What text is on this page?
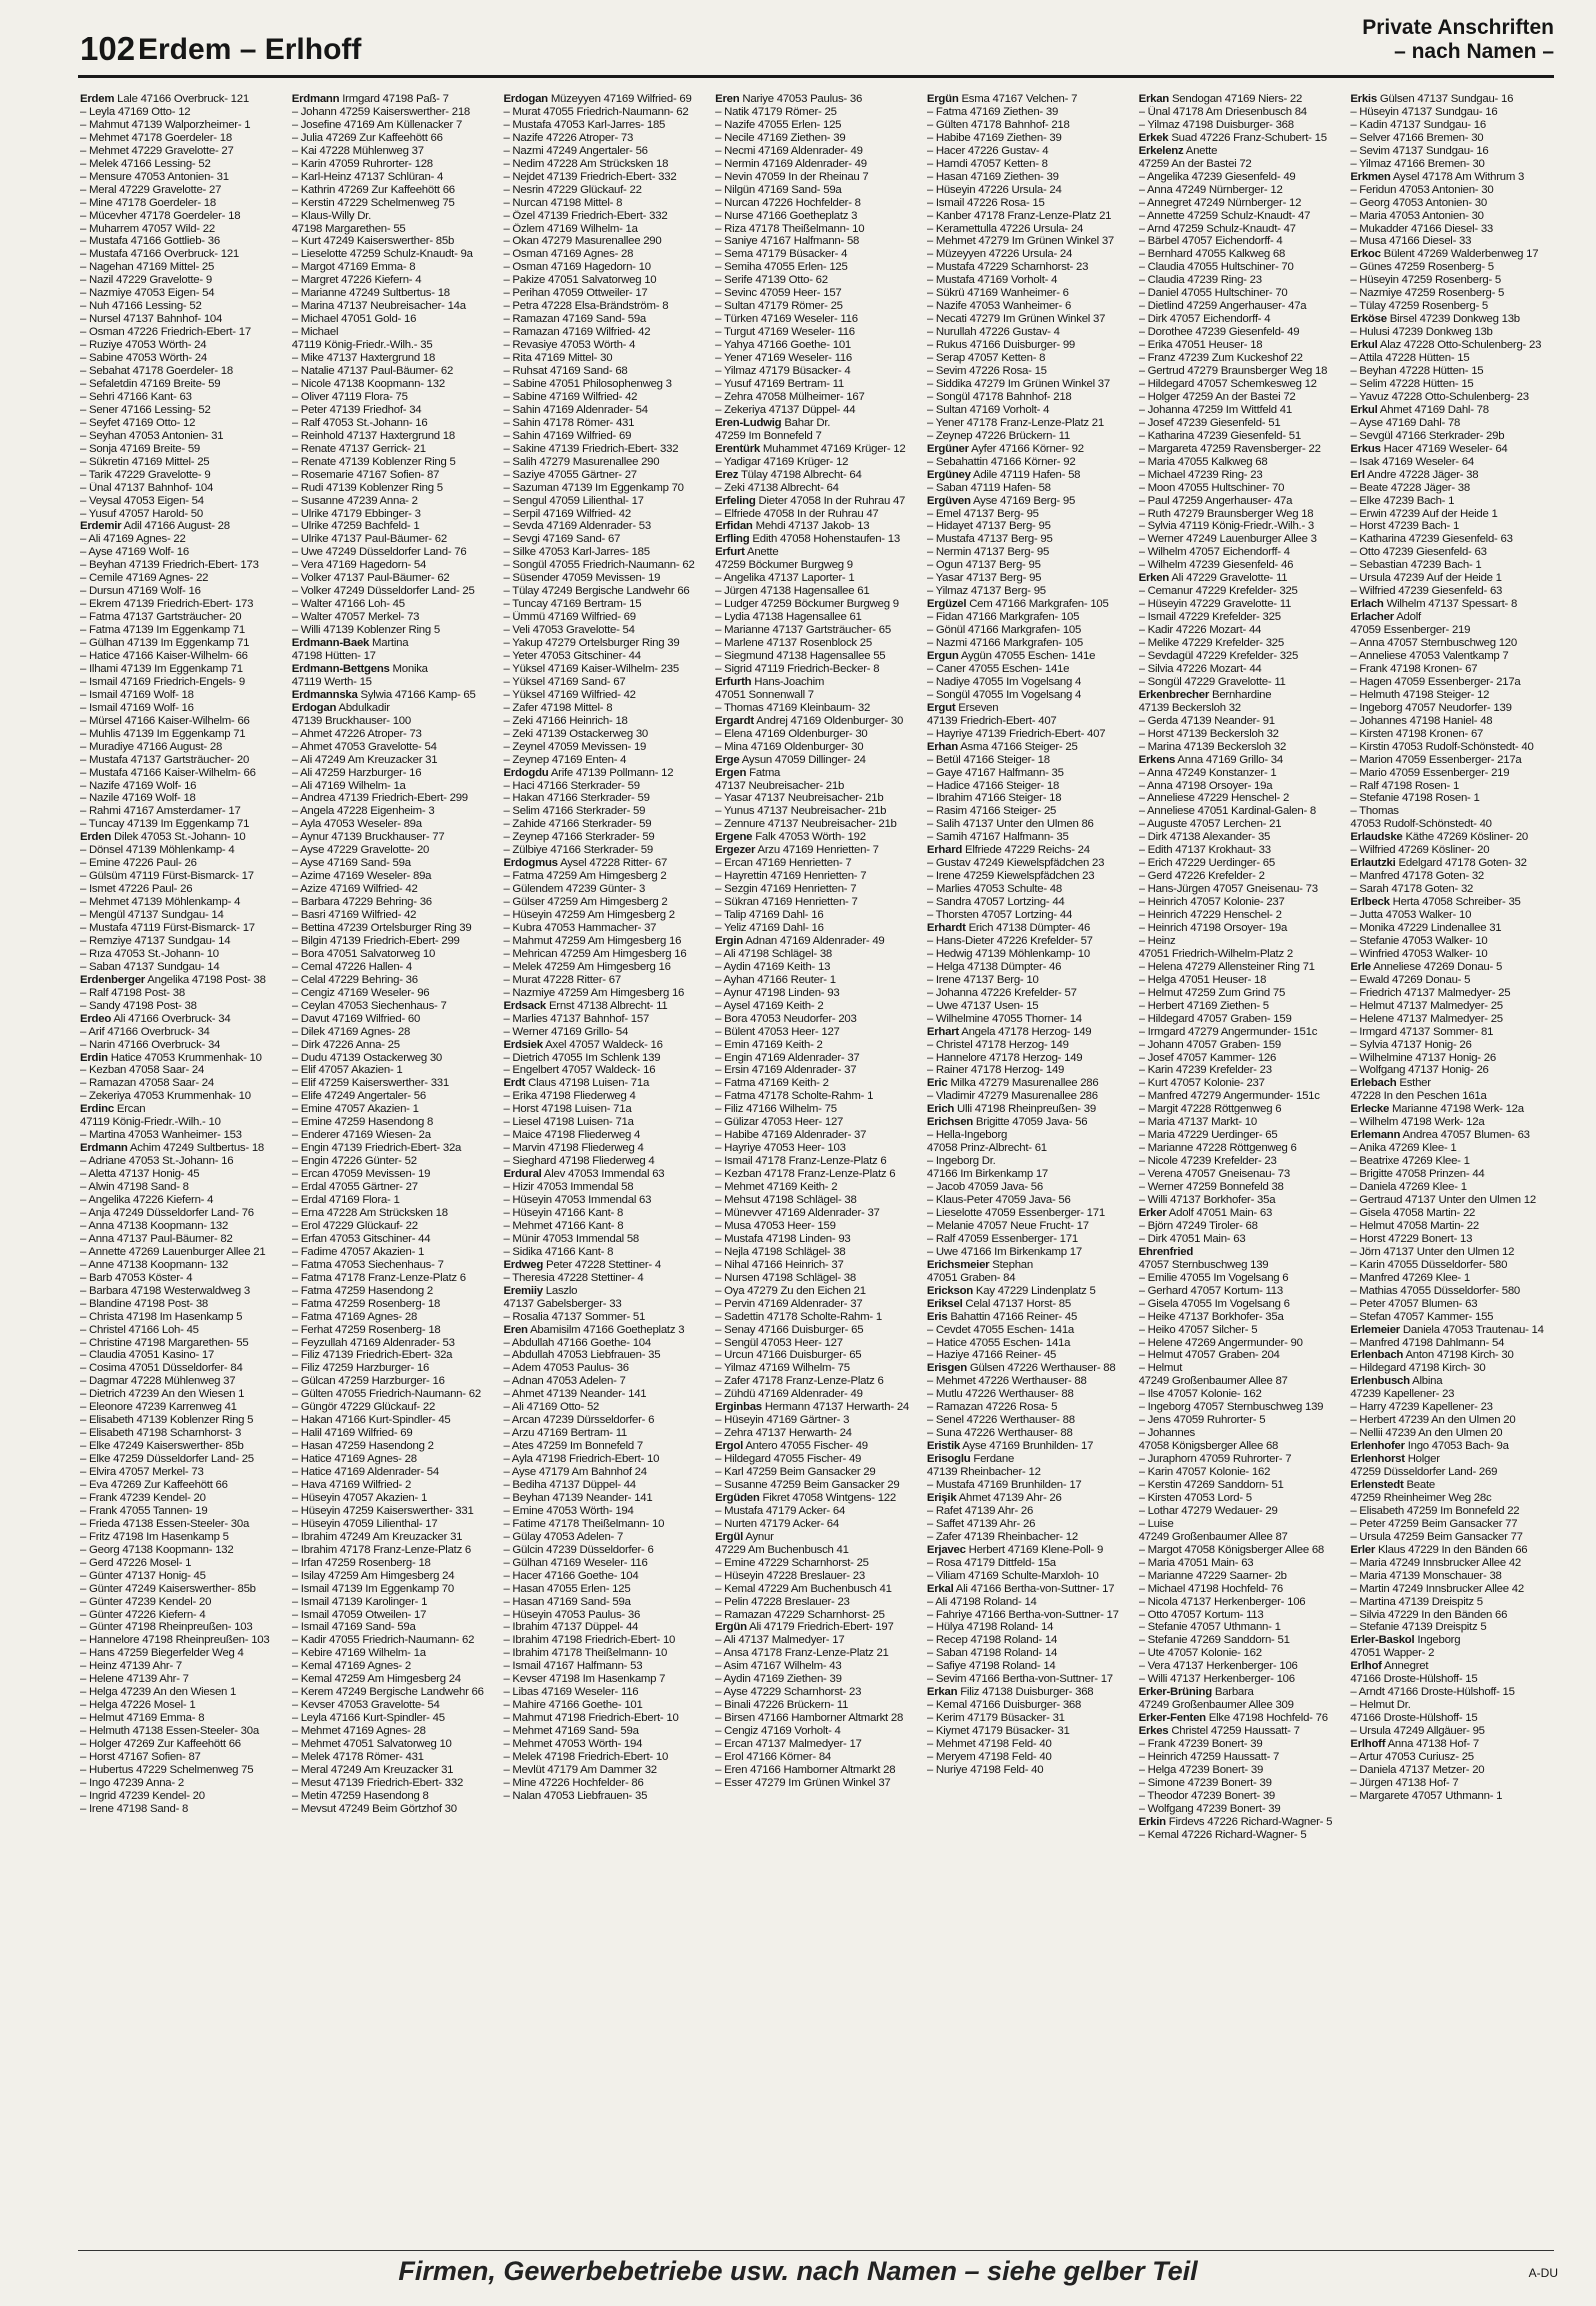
102 Erdem – Erlhoff
Private Anschriften
– nach Namen –
Erdem Lale 47166 Overbruck- 121
– Leyla 47169 Otto- 12
– Mahmut 47139 Walporzheimer- 1
– Mehmet 47178 Goerdeler- 18
– Mehmet 47229 Gravelotte- 27
– Melek 47166 Lessing- 52
– Mensure 47053 Antonien- 31
– Meral 47229 Gravelotte- 27
– Mine 47178 Goerdeler- 18
– Mücevher 47178 Goerdeler- 18
– Muharrem 47057 Wild- 22
– Mustafa 47166 Gottlieb- 36
– Mustafa 47166 Overbruck- 121
– Nagehan 47169 Mittel- 25
– Nazil 47229 Gravelotte- 9
– Nazmiye 47053 Eigen- 54
– Nuh 47166 Lessing- 52
– Nursel 47137 Bahnhof- 104
– Osman 47226 Friedrich-Ebert- 17
– Ruziye 47053 Wörth- 24
– Sabine 47053 Wörth- 24
– Sebahat 47178 Goerdeler- 18
– Sefaletdin 47169 Breite- 59
– Sehri 47166 Kant- 63
– Sener 47166 Lessing- 52
– Seyfet 47169 Otto- 12
– Seyhan 47053 Antonien- 31
– Sonja 47169 Breite- 59
– Sükretin 47169 Mittel- 25
– Tarik 47229 Gravelotte- 9
– Ünal 47137 Bahnhof- 104
– Veysal 47053 Eigen- 54
– Yusuf 47057 Harold- 50
Erdemir Adil 47166 August- 28
– Ali 47169 Agnes- 22
– Ayse 47169 Wolf- 16
– Beyhan 47139 Friedrich-Ebert- 173
– Cemile 47169 Agnes- 22
– Dursun 47169 Wolf- 16
– Ekrem 47139 Friedrich-Ebert- 173
– Fatma 47137 Gartsträucher- 20
– Fatma 47139 Im Eggenkamp 71
– Gülhan 47139 Im Eggenkamp 71
– Hatice 47166 Kaiser-Wilhelm- 66
– Ilhami 47139 Im Eggenkamp 71
– Ismail 47169 Friedrich-Engels- 9
– Ismail 47169 Wolf- 18
– Ismail 47169 Wolf- 16
– Mürsel 47166 Kaiser-Wilhelm- 66
– Muhlis 47139 Im Eggenkamp 71
– Muradiye 47166 August- 28
– Mustafa 47137 Gartsträucher- 20
– Mustafa 47166 Kaiser-Wilhelm- 66
– Nazife 47169 Wolf- 16
– Nazile 47169 Wolf- 18
– Rahmi 47167 Amsterdamer- 17
– Tuncay 47139 Im Eggenkamp 71
Erden Dilek 47053 St.-Johann- 10
– Dönsel 47139 Möhlenkamp- 4
– Emine 47226 Paul- 26
– Gülsüm 47119 Fürst-Bismarck- 17
– Ismet 47226 Paul- 26
– Mehmet 47139 Möhlenkamp- 4
– Mengül 47137 Sundgau- 14
– Mustafa 47119 Fürst-Bismarck- 17
– Remziye 47137 Sundgau- 14
– Rıza 47053 St.-Johann- 10
– Saban 47137 Sundgau- 14
Erdenberger Angelika 47198 Post- 38
– Ralf 47198 Post- 38
– Sandy 47198 Post- 38
Erdeo Ali 47166 Overbruck- 34
– Arif 47166 Overbruck- 34
– Narin 47166 Overbruck- 34
Erdin Hatice 47053 Krummenhak- 10
– Kezban 47058 Saar- 24
– Ramazan 47058 Saar- 24
– Zekeriya 47053 Krummenhak- 10
Erdinc Ercan
47119 König-Friedr.-Wilh.- 10
– Martina 47053 Wanheimer- 153
Erdmann Achim 47249 Sultbertus- 18
– Adriane 47053 St.-Johann- 16
– Aletta 47137 Honig- 45
– Alwin 47198 Sand- 8
– Angelika 47226 Kiefern- 4
– Anja 47249 Düsseldorfer Land- 76
– Anna 47138 Koopmann- 132
– Anna 47137 Paul-Bäumer- 82
– Annette 47269 Lauenburger Allee 21
– Anne 47138 Koopmann- 132
– Barb 47053 Köster- 4
– Barbara 47198 Westerwaldweg 3
– Blandine 47198 Post- 38
– Christa 47198 Im Hasenkamp 5
– Christel 47166 Loh- 45
– Christine 47198 Margarethen- 55
– Claudia 47051 Kasino- 17
– Cosima 47051 Düsseldorfer- 84
– Dagmar 47228 Mühlenweg 37
– Dietrich 47239 An den Wiesen 1
– Eleonore 47239 Karrenweg 41
– Elisabeth 47139 Koblenzer Ring 5
– Elisabeth 47198 Scharnhorst- 3
– Elke 47249 Kaiserswerther- 85b
– Elke 47259 Düsseldorfer Land- 25
– Elvira 47057 Merkel- 73
– Eva 47269 Zur Kaffeehött 66
– Frank 47239 Kendel- 20
– Frank 47055 Tannen- 19
– Frieda 47138 Essen-Steeler- 30a
– Fritz 47198 Im Hasenkamp 5
– Georg 47138 Koopmann- 132
– Gerd 47226 Mosel- 1
– Günter 47137 Honig- 45
– Günter 47249 Kaiserswerther- 85b
– Günter 47239 Kendel- 20
– Günter 47226 Kiefern- 4
– Günter 47198 Rheinpreußen- 103
– Hannelore 47198 Rheinpreußen- 103
– Hans 47259 Biegerfelder Weg 4
– Heinz 47139 Ahr- 7
– Helene 47139 Ahr- 7
– Helga 47239 An den Wiesen 1
– Helga 47226 Mosel- 1
– Helmut 47169 Emma- 8
– Helmuth 47138 Essen-Steeler- 30a
– Holger 47269 Zur Kaffeehött 66
– Horst 47167 Sofien- 87
– Hubertus 47229 Schelmenweg 75
– Ingo 47239 Anna- 2
– Ingrid 47239 Kendel- 20
– Irene 47198 Sand- 8
Erdmann Irmgard 47198 Paß- 7
– Johann 47259 Kaiserswerther- 218
– Josefine 47169 Am Küllenacker 7
– Julia 47269 Zur Kaffeehött 66
– Kai 47228 Mühlenweg 37
– Karin 47059 Ruhrorter- 128
– Karl-Heinz 47137 Schlüran- 4
– Kathrin 47269 Zur Kaffeehött 66
– Kerstin 47229 Schelmenweg 75
– Klaus-Willy Dr.
47198 Margarethen- 55
– Kurt 47249 Kaiserswerther- 85b
– Lieselotte 47259 Schulz-Knaudt- 9a
– Margot 47169 Emma- 8
– Margret 47226 Kiefern- 4
– Marianne 47249 Sultbertus- 18
– Marina 47137 Neubreisacher- 14a
– Michael 47051 Gold- 16
– Michael
47119 König-Friedr.-Wilh.- 35
– Mike 47137 Haxtergrund 18
– Natalie 47137 Paul-Bäumer- 62
– Nicole 47138 Koopmann- 132
– Oliver 47119 Flora- 75
– Peter 47139 Friedhof- 34
– Ralf 47053 St.-Johann- 16
– Reinhold 47137 Haxtergrund 18
– Renate 47137 Gerrick- 21
– Renate 47139 Koblenzer Ring 5
– Rosemarie 47167 Sofien- 87
– Rudi 47139 Koblenzer Ring 5
– Susanne 47239 Anna- 2
– Ulrike 47179 Ebbinger- 3
– Ulrike 47259 Bachfeld- 1
– Ulrike 47137 Paul-Bäumer- 62
– Uwe 47249 Düsseldorfer Land- 76
– Vera 47169 Hagedorn- 54
– Volker 47137 Paul-Bäumer- 62
– Volker 47249 Düsseldorfer Land- 25
– Walter 47166 Loh- 45
– Walter 47057 Merkel- 73
– Willi 47139 Koblenzer Ring 5
Erdmann-Baek Martina
47198 Hütten- 17
Erdmann-Bettgens Monika
47119 Werth- 15
Erdmannska Sylwia 47166 Kamp- 65
Erdogan Abdulkadir
47139 Bruckhauser- 100
– Ahmet 47226 Atroper- 73
– Ahmet 47053 Gravelotte- 54
– Ali 47249 Am Kreuzacker 31
– Ali 47259 Harzburger- 16
– Ali 47169 Wilhelm- 1a
– Andrea 47139 Friedrich-Ebert- 299
– Angela 47228 Eigenheim- 3
– Ayla 47053 Weseler- 89a
– Aynur 47139 Bruckhauser- 77
– Ayse 47229 Gravelotte- 20
– Ayse 47169 Sand- 59a
– Azime 47169 Weseler- 89a
– Azize 47169 Wilfried- 42
– Barbara 47229 Behring- 36
– Basri 47169 Wilfried- 42
– Bettina 47239 Ortelsburger Ring 39
– Bilgin 47139 Friedrich-Ebert- 299
– Bora 47051 Salvatorweg 10
– Cemal 47226 Hallen- 4
– Celal 47229 Behring- 36
– Cengiz 47169 Weseler- 96
– Ceylan 47053 Siechenhaus- 7
– Davut 47169 Wilfried- 60
– Dilek 47169 Agnes- 28
– Dirk 47226 Anna- 25
– Dudu 47139 Ostackerweg 30
– Elif 47057 Akazien- 1
– Elif 47259 Kaiserswerther- 331
– Elife 47249 Angertaler- 56
– Emine 47057 Akazien- 1
– Emine 47259 Hasendong 8
– Enderer 47169 Wiesen- 2a
– Engin 47139 Friedrich-Ebert- 32a
– Engin 47226 Günter- 52
– Ercan 47059 Mevissen- 19
– Erdal 47055 Gärtner- 27
– Erdal 47169 Flora- 1
– Erna 47228 Am Strücksken 18
– Erol 47229 Glückauf- 22
– Erfan 47053 Gitschiner- 44
– Fadime 47057 Akazien- 1
– Fatma 47053 Siechenhaus- 7
– Fatma 47178 Franz-Lenze-Platz 6
– Fatma 47259 Hasendong 2
– Fatma 47259 Rosenberg- 18
– Fatma 47169 Agnes- 28
– Ferhat 47259 Rosenberg- 18
– Feyzullah 47169 Aldenrader- 53
– Filiz 47139 Friedrich-Ebert- 32a
– Filiz 47259 Harzburger- 16
– Gülcan 47259 Harzburger- 16
– Gülten 47055 Friedrich-Naumann- 62
– Güngör 47229 Glückauf- 22
– Hakan 47166 Kurt-Spindler- 45
– Halil 47169 Wilfried- 69
– Hasan 47259 Hasendong 2
– Hatice 47169 Agnes- 28
– Hatice 47169 Aldenrader- 54
– Hava 47169 Wilfried- 2
– Hüseyin 47057 Akazien- 1
– Hüseyin 47259 Kaiserswerther- 331
– Hüseyin 47059 Lilienthal- 17
– Ibrahim 47249 Am Kreuzacker 31
– Ibrahim 47178 Franz-Lenze-Platz 6
– Irfan 47259 Rosenberg- 18
– Isilay 47259 Am Himgesberg 24
– Ismail 47139 Im Eggenkamp 70
– Ismail 47139 Karolinger- 1
– Ismail 47059 Otweilen- 17
– Ismail 47169 Sand- 59a
– Kadir 47055 Friedrich-Naumann- 62
– Kebire 47169 Wilhelm- 1a
– Kemal 47169 Agnes- 2
– Kemal 47259 Am Himgesberg 24
– Kerem 47249 Bergische Landwehr 66
– Kevser 47053 Gravelotte- 54
– Leyla 47166 Kurt-Spindler- 45
– Mehmet 47169 Agnes- 28
– Mehmet 47051 Salvatorweg 10
– Melek 47178 Römer- 431
– Meral 47249 Am Kreuzacker 31
– Mesut 47139 Friedrich-Ebert- 332
– Metin 47259 Hasendong 8
– Mevsut 47249 Beim Görtzhof 30
Erdogan Müzeyyen 47169 Wilfried- 69
– Murat 47055 Friedrich-Naumann- 62
– Mustafa 47053 Karl-Jarres- 185
– Nazife 47226 Atroper- 73
– Nazmi 47249 Angertaler- 56
– Nedim 47228 Am Strücksken 18
– Nejdet 47139 Friedrich-Ebert- 332
– Nesrin 47229 Glückauf- 22
– Nurcan 47198 Mittel- 8
– Özel 47139 Friedrich-Ebert- 332
– Özlem 47169 Wilhelm- 1a
– Okan 47279 Masurenallee 290
– Osman 47169 Agnes- 28
– Osman 47169 Hagedorn- 10
– Pakize 47051 Salvatorweg 10
– Perihan 47059 Ottweiler- 17
– Petra 47228 Elsa-Brändström- 8
– Ramazan 47169 Sand- 59a
– Ramazan 47169 Wilfried- 42
– Revasiye 47053 Wörth- 4
– Rita 47169 Mittel- 30
– Ruhsat 47169 Sand- 68
– Sabine 47051 Philosophenweg 3
– Sabine 47169 Wilfried- 42
– Sahin 47169 Aldenrader- 54
– Sahin 47178 Römer- 431
– Sahin 47169 Wilfried- 69
– Sakine 47139 Friedrich-Ebert- 332
– Salih 47279 Masurenallee 290
– Saziye 47055 Gärtner- 27
– Sazuman 47139 Im Eggenkamp 70
– Sengul 47059 Lilienthal- 17
– Serpil 47169 Wilfried- 42
– Sevda 47169 Aldenrader- 53
– Sevgi 47169 Sand- 67
– Silke 47053 Karl-Jarres- 185
– Songül 47055 Friedrich-Naumann- 62
– Süsender 47059 Mevissen- 19
– Tülay 47249 Bergische Landwehr 66
– Tuncay 47169 Bertram- 15
– Ümmü 47169 Wilfried- 69
– Veli 47053 Gravelotte- 54
– Yakup 47279 Ortelsburger Ring 39
– Yeter 47053 Gitschiner- 44
– Yüksel 47169 Kaiser-Wilhelm- 235
– Yüksel 47169 Sand- 67
– Yüksel 47169 Wilfried- 42
– Zafer 47198 Mittel- 8
– Zeki 47166 Heinrich- 18
– Zeki 47139 Ostackerweg 30
– Zeynel 47059 Mevissen- 19
– Zeynep 47169 Enten- 4
Erdogdu Arife 47139 Pollmann- 12
– Haci 47166 Sterkrader- 59
– Hakan 47166 Sterkrader- 59
– Selim 47166 Sterkrader- 59
– Zahide 47166 Sterkrader- 59
– Zeynep 47166 Sterkrader- 59
– Zülbiye 47166 Sterkrader- 59
Erdogmus Aysel 47228 Ritter- 67
– Fatma 47259 Am Himgesberg 2
– Gülendem 47239 Günter- 3
– Gülser 47259 Am Himgesberg 2
– Hüseyin 47259 Am Himgesberg 2
– Kubra 47053 Hammacher- 37
– Mahmut 47259 Am Himgesberg 16
– Mehrican 47259 Am Himgesberg 16
– Melek 47259 Am Himgesberg 16
– Murat 47228 Ritter- 67
– Nazmiye 47259 Am Himgesberg 16
Erdsack Ernst 47138 Albrecht- 11
– Marlies 47137 Bahnhof- 157
– Werner 47169 Grillo- 54
Erdsiek Axel 47057 Waldeck- 16
– Dietrich 47055 Im Schlenk 139
– Engelbert 47057 Waldeck- 16
Erdt Claus 47198 Luisen- 71a
– Erika 47198 Fliederweg 4
– Horst 47198 Luisen- 71a
– Liesel 47198 Luisen- 71a
– Maice 47198 Fliederweg 4
– Marvin 47198 Fliederweg 4
– Sieghard 47198 Fliederweg 4
Erdural Alev 47053 Immendal 63
– Hizir 47053 Immendal 58
– Hüseyin 47053 Immendal 63
– Hüseyin 47166 Kant- 8
– Mehmet 47166 Kant- 8
– Münir 47053 Immendal 58
– Sidika 47166 Kant- 8
Erdweg Peter 47228 Stettiner- 4
– Theresia 47228 Stettiner- 4
Eremiiy Laszlo
47137 Gabelsberger- 33
– Rosalia 47137 Sommer- 51
Eren Abamisilm 47166 Goetheplatz 3
– Abdullah 47166 Goethe- 104
– Abdullah 47053 Liebfrauen- 35
– Adem 47053 Paulus- 36
– Adnan 47053 Adelen- 7
– Ahmet 47139 Neander- 141
– Ali 47169 Otto- 52
– Arcan 47239 Dürsseldorfer- 6
– Arzu 47169 Bertram- 11
– Ates 47259 Im Bonnefeld 7
– Ayla 47198 Friedrich-Ebert- 10
– Ayse 47179 Am Bahnhof 24
– Bediha 47137 Düppel- 44
– Beyhan 47139 Neander- 141
– Emine 47053 Wörth- 194
– Fatime 47178 Theißelmann- 10
– Gülay 47053 Adelen- 7
– Gülcin 47239 Düsseldorfer- 6
– Gülhan 47169 Weseler- 116
– Hacer 47166 Goethe- 104
– Hasan 47055 Erlen- 125
– Hasan 47169 Sand- 59a
– Hüseyin 47053 Paulus- 36
– Ibrahim 47137 Düppel- 44
– Ibrahim 47198 Friedrich-Ebert- 10
– Ibrahim 47178 Theißelmann- 10
– Ismail 47167 Halfmann- 53
– Kevser 47198 Im Hasenkamp 7
– Libas 47169 Weseler- 116
– Mahire 47166 Goethe- 101
– Mahmut 47198 Friedrich-Ebert- 10
– Mehmet 47169 Sand- 59a
– Mehmet 47053 Wörth- 194
– Melek 47198 Friedrich-Ebert- 10
– Mevlüt 47179 Am Dammer 32
– Mine 47226 Hochfelder- 86
– Nalan 47053 Liebfrauen- 35
Eren Nariye 47053 Paulus- 36
– Natik 47179 Römer- 25
– Nazife 47055 Erlen- 125
– Necile 47169 Ziethen- 39
– Necmi 47169 Aldenrader- 49
– Nermin 47169 Aldenrader- 49
– Nevin 47059 In der Rheinau 7
– Nilgün 47169 Sand- 59a
– Nurcan 47226 Hochfelder- 8
– Nurse 47166 Goetheplatz 3
– Riza 47178 Theißelmann- 10
– Saniye 47167 Halfmann- 58
– Sema 47179 Büsacker- 4
– Semiha 47055 Erlen- 125
– Serife 47139 Otto- 62
– Sevinc 47059 Heer- 157
– Sultan 47179 Römer- 25
– Türken 47169 Weseler- 116
– Turgut 47169 Weseler- 116
– Yahya 47166 Goethe- 101
– Yener 47169 Weseler- 116
– Yilmaz 47179 Büsacker- 4
– Yusuf 47169 Bertram- 11
– Zehra 47058 Mülheimer- 167
– Zekeriya 47137 Düppel- 44
Eren-Ludwig Bahar Dr.
47259 Im Bonnefeld 7
Erentürk Muhammet 47169 Krüger- 12
– Yadigar 47169 Krüger- 12
Erez Tülay 47198 Albrecht- 64
– Zeki 47138 Albrecht- 64
Erfeling Dieter 47058 In der Ruhrau 47
– Elfriede 47058 In der Ruhrau 47
Erfidan Mehdi 47137 Jakob- 13
Erfling Edith 47058 Hohenstaufen- 13
Erfurt Anette
47259 Böckumer Burgweg 9
– Angelika 47137 Laporter- 1
– Jürgen 47138 Hagensallee 61
– Ludger 47259 Böckumer Burgweg 9
– Lydia 47138 Hagensallee 61
– Marianne 47137 Gartsträucher- 65
– Marlene 47137 Rosenblock 25
– Siegmund 47138 Hagensallee 55
– Sigrid 47119 Friedrich-Becker- 8
Erfurth Hans-Joachim
47051 Sonnenwall 7
– Thomas 47169 Kleinbaum- 32
Ergardt Andrej 47169 Oldenburger- 30
– Elena 47169 Oldenburger- 30
– Mina 47169 Oldenburger- 30
Erge Aysun 47059 Dillinger- 24
Ergen Fatma
47137 Neubreisacher- 21b
– Yasar 47137 Neubreisacher- 21b
– Yunus 47137 Neubreisacher- 21b
– Zennure 47137 Neubreisacher- 21b
Ergene Falk 47053 Wörth- 192
Ergezer Arzu 47169 Henrietten- 7
– Ercan 47169 Henrietten- 7
– Hayrettin 47169 Henrietten- 7
– Sezgin 47169 Henrietten- 7
– Sükran 47169 Henrietten- 7
– Talip 47169 Dahl- 16
– Yeliz 47169 Dahl- 16
Ergin Adnan 47169 Aldenrader- 49
– Ali 47198 Schlägel- 38
– Aydin 47169 Keith- 13
– Ayhan 47166 Reuter- 1
– Aynur 47198 Linden- 93
– Aysel 47169 Keith- 2
– Bora 47053 Neudorfer- 203
– Bülent 47053 Heer- 127
– Emin 47169 Keith- 2
– Engin 47169 Aldenrader- 37
– Ersin 47169 Aldenrader- 37
– Fatma 47169 Keith- 2
– Fatma 47178 Scholte-Rahm- 1
– Filiz 47166 Wilhelm- 75
– Gülizar 47053 Heer- 127
– Habibe 47169 Aldenrader- 37
– Hayriye 47053 Heer- 103
– Ismail 47178 Franz-Lenze-Platz 6
– Kezban 47178 Franz-Lenze-Platz 6
– Mehmet 47169 Keith- 2
– Mehsut 47198 Schlägel- 38
– Münevver 47169 Aldenrader- 37
– Musa 47053 Heer- 159
– Mustafa 47198 Linden- 93
– Nejla 47198 Schlägel- 38
– Nihal 47166 Heinrich- 37
– Nursen 47198 Schlägel- 38
– Oya 47279 Zu den Eichen 21
– Pervin 47169 Aldenrader- 37
– Sadettin 47178 Scholte-Rahm- 1
– Senay 47166 Duisburger- 65
– Sengül 47053 Heer- 127
– Urcun 47166 Duisburger- 65
– Yilmaz 47169 Wilhelm- 75
– Zafer 47178 Franz-Lenze-Platz 6
– Zühdü 47169 Aldenrader- 49
Erginbas Hermann 47137 Herwarth- 24
– Hüseyin 47169 Gärtner- 3
– Zehra 47137 Herwarth- 24
Ergol Antero 47055 Fischer- 49
– Hildegard 47055 Fischer- 49
– Karl 47259 Beim Gansacker 29
– Susanne 47259 Beim Gansacker 29
Ergüden Fikret 47058 Wintgens- 122
– Mustafa 47179 Acker- 64
– Nurten 47179 Acker- 64
Ergül Aynur
47229 Am Buchenbusch 41
– Emine 47229 Scharnhorst- 25
– Hüseyin 47228 Breslauer- 23
– Kemal 47229 Am Buchenbusch 41
– Pelin 47228 Breslauer- 23
– Ramazan 47229 Scharnhorst- 25
Ergün Ali 47179 Friedrich-Ebert- 197
– Ali 47137 Malmedyer- 17
– Ansa 47178 Franz-Lenze-Platz 21
– Asim 47167 Wilhelm- 43
– Aydin 47169 Ziethen- 39
– Ayse 47229 Scharnhorst- 23
– Binali 47226 Brückern- 11
– Birsen 47166 Hamborner Altmarkt 28
– Cengiz 47169 Vorholt- 4
– Ercan 47137 Malmedyer- 17
– Erol 47166 Körner- 84
– Eren 47166 Hamborner Altmarkt 28
– Esser 47279 Im Grünen Winkel 37
Ergün Esma 47167 Velchen- 7
– Fatma 47169 Ziethen- 39
– Gülten 47178 Bahnhof- 218
– Habibe 47169 Ziethen- 39
– Hacer 47226 Gustav- 4
– Hamdi 47057 Ketten- 8
– Hasan 47169 Ziethen- 39
– Hüseyin 47226 Ursula- 24
– Ismail 47226 Rosa- 15
– Kanber 47178 Franz-Lenze-Platz 21
– Keramettulla 47226 Ursula- 24
– Mehmet 47279 Im Grünen Winkel 37
– Müzeyyen 47226 Ursula- 24
– Mustafa 47229 Scharnhorst- 23
– Mustafa 47169 Vorholt- 4
– Sükrü 47169 Wanheimer- 6
– Nazife 47053 Wanheimer- 6
– Necati 47279 Im Grünen Winkel 37
– Nurullah 47226 Gustav- 4
– Rukus 47166 Duisburger- 99
– Serap 47057 Ketten- 8
– Sevim 47226 Rosa- 15
– Siddika 47279 Im Grünen Winkel 37
– Songül 47178 Bahnhof- 218
– Sultan 47169 Vorholt- 4
– Yener 47178 Franz-Lenze-Platz 21
– Zeynep 47226 Brückern- 11
Ergüner Ayfer 47166 Körner- 92
– Sebahattin 47166 Körner- 92
Ergüney Adile 47119 Hafen- 58
– Saban 47119 Hafen- 58
Ergüven Ayse 47169 Berg- 95
– Emel 47137 Berg- 95
– Hidayet 47137 Berg- 95
– Mustafa 47137 Berg- 95
– Nermin 47137 Berg- 95
– Ogun 47137 Berg- 95
– Yasar 47137 Berg- 95
– Yilmaz 47137 Berg- 95
Ergüzel Cem 47166 Markgrafen- 105
– Fidan 47166 Markgrafen- 105
– Gönül 47166 Markgrafen- 105
– Nazmi 47166 Markgrafen- 105
Ergun Aygün 47055 Eschen- 141e
– Caner 47055 Eschen- 141e
– Nadiye 47055 Im Vogelsang 4
– Songül 47055 Im Vogelsang 4
Ergut Erseven
47139 Friedrich-Ebert- 407
– Hayriye 47139 Friedrich-Ebert- 407
Erhan Asma 47166 Steiger- 25
– Betül 47166 Steiger- 18
– Gaye 47167 Halfmann- 35
– Hadice 47166 Steiger- 18
– Ibrahim 47166 Steiger- 18
– Rasim 47166 Steiger- 25
– Salih 47137 Unter den Ulmen 86
– Samih 47167 Halfmann- 35
Erhard Elfriede 47229 Reichs- 24
– Gustav 47249 Kiewelspfädchen 23
– Irene 47259 Kiewelspfädchen 23
– Marlies 47053 Schulte- 48
– Sandra 47057 Lortzing- 44
– Thorsten 47057 Lortzing- 44
Erhardt Erich 47138 Dümpter- 46
– Hans-Dieter 47226 Krefelder- 57
– Hedwig 47139 Möhlenkamp- 10
– Helga 47138 Dümpter- 46
– Irene 47137 Berg- 10
– Johanna 47226 Krefelder- 57
– Uwe 47137 Usen- 15
– Wilhelmine 47055 Thorner- 14
Erhart Angela 47178 Herzog- 149
– Christel 47178 Herzog- 149
– Hannelore 47178 Herzog- 149
– Rainer 47178 Herzog- 149
Eric Milka 47279 Masurenallee 286
– Vladimir 47279 Masurenallee 286
Erich Ulli 47198 Rheinpreußen- 39
Erichsen Brigitte 47059 Java- 56
– Hella-Ingeborg
47058 Prinz-Albrecht- 61
– Ingeborg Dr.
47166 Im Birkenkamp 17
– Jacob 47059 Java- 56
– Klaus-Peter 47059 Java- 56
– Lieselotte 47059 Essenberger- 171
– Melanie 47057 Neue Frucht- 17
– Ralf 47059 Essenberger- 171
– Uwe 47166 Im Birkenkamp 17
Erichsmeier Stephan
47051 Graben- 84
Erickson Kay 47229 Lindenplatz 5
Eriksel Celal 47137 Horst- 85
Eris Bahattin 47166 Reiner- 45
– Cevdet 47055 Eschen- 141a
– Hatice 47055 Eschen- 141a
– Haziye 47166 Reiner- 45
Erisgen Gülsen 47226 Werthauser- 88
– Mehmet 47226 Werthauser- 88
– Mutlu 47226 Werthauser- 88
– Ramazan 47226 Rosa- 5
– Senel 47226 Werthauser- 88
– Suna 47226 Werthauser- 88
Eristik Ayse 47169 Brunhilden- 17
Erisoglu Ferdane
47139 Rheinbacher- 12
– Mustafa 47169 Brunhilden- 17
Erişik Ahmet 47139 Ahr- 26
– Rafet 47139 Ahr- 26
– Saffet 47139 Ahr- 26
– Zafer 47139 Rheinbacher- 12
Erjavec Herbert 47169 Klene-Poll- 9
– Rosa 47179 Dittfeld- 15a
– Viliam 47169 Schulte-Marxloh- 10
Erkal Ali 47166 Bertha-von-Suttner- 17
– Ali 47198 Roland- 14
– Fahriye 47166 Bertha-von-Suttner- 17
– Hülya 47198 Roland- 14
– Recep 47198 Roland- 14
– Saban 47198 Roland- 14
– Safiye 47198 Roland- 14
– Sevim 47166 Bertha-von-Suttner- 17
Erkan Filiz 47138 Duisburger- 368
– Kemal 47166 Duisburger- 368
– Kerim 47179 Büsacker- 31
– Kiymet 47179 Büsacker- 31
– Mehmet 47198 Feld- 40
– Meryem 47198 Feld- 40
– Nuriye 47198 Feld- 40
Erkan Sendogan 47169 Niers- 22
– Ünal 47178 Am Driesenbusch 84
– Yilmaz 47198 Duisburger- 368
Erkek Suad 47226 Franz-Schubert- 15
Erkelenz Anette
47259 An der Bastei 72
– Angelika 47239 Giesenfeld- 49
– Anna 47249 Nürnberger- 12
– Annegret 47249 Nürnberger- 12
– Annette 47259 Schulz-Knaudt- 47
– Arnd 47259 Schulz-Knaudt- 47
– Bärbel 47057 Eichendorff- 4
– Bernhard 47055 Kalkweg 68
– Claudia 47055 Hultschiner- 70
– Claudia 47239 Ring- 23
– Daniel 47055 Hultschiner- 70
– Dietlind 47259 Angerhauser- 47a
– Dirk 47057 Eichendorff- 4
– Dorothee 47239 Giesenfeld- 49
– Erika 47051 Heuser- 18
– Franz 47239 Zum Kuckeshof 22
– Gertrud 47279 Braunsberger Weg 18
– Hildegard 47057 Schemkesweg 12
– Holger 47259 An der Bastei 72
– Johanna 47259 Im Wittfeld 41
– Josef 47239 Giesenfeld- 51
– Katharina 47239 Giesenfeld- 51
– Margareta 47259 Ravensberger- 22
– Maria 47055 Kalkweg 68
– Michael 47239 Ring- 23
– Moon 47055 Hultschiner- 70
– Paul 47259 Angerhauser- 47a
– Ruth 47279 Braunsberger Weg 18
– Sylvia 47119 König-Friedr.-Wilh.- 3
– Werner 47249 Lauenburger Allee 3
– Wilhelm 47057 Eichendorff- 4
– Wilhelm 47239 Giesenfeld- 46
Erken Ali 47229 Gravelotte- 11
– Cemanur 47229 Krefelder- 325
– Hüseyin 47229 Gravelotte- 11
– Ismail 47229 Krefelder- 325
– Kadir 47226 Mozart- 44
– Melike 47229 Krefelder- 325
– Sevdagül 47229 Krefelder- 325
– Silvia 47226 Mozart- 44
– Songül 47229 Gravelotte- 11
Erkenbrecher Bernhardine
47139 Beckersloh 32
– Gerda 47139 Neander- 91
– Horst 47139 Beckersloh 32
– Marina 47139 Beckersloh 32
Erkens Anna 47169 Grillo- 34
– Anna 47249 Konstanzer- 1
– Anna 47198 Orsoyer- 19a
– Anneliese 47229 Henschel- 2
– Anneliese 47051 Kardinal-Galen- 8
– Auguste 47057 Lerchen- 21
– Dirk 47138 Alexander- 35
– Edith 47137 Krokhaut- 33
– Erich 47229 Uerdinger- 65
– Gerd 47226 Krefelder- 2
– Hans-Jürgen 47057 Gneisenau- 73
– Heinrich 47057 Kolonie- 237
– Heinrich 47229 Henschel- 2
– Heinrich 47198 Orsoyer- 19a
– Heinz
47051 Friedrich-Wilhelm-Platz 2
– Helena 47279 Allensteiner Ring 71
– Helga 47051 Heuser- 18
– Helmut 47259 Zum Grind 75
– Herbert 47169 Ziethen- 5
– Hildegard 47057 Graben- 159
– Irmgard 47279 Angermunder- 151c
– Johann 47057 Graben- 159
– Josef 47057 Kammer- 126
– Karin 47239 Krefelder- 23
– Kurt 47057 Kolonie- 237
– Manfred 47279 Angermunder- 151c
– Margit 47228 Röttgenweg 6
– Maria 47137 Markt- 10
– Maria 47229 Uerdinger- 65
– Marianne 47228 Röttgenweg 6
– Nicole 47239 Krefelder- 23
– Verena 47057 Gneisenau- 73
– Werner 47259 Bonnefeld 38
– Willi 47137 Borkhofer- 35a
Erker Adolf 47051 Main- 63
– Björn 47249 Tiroler- 68
– Dirk 47051 Main- 63
Ehrenfried
47057 Sternbuschweg 139
– Emilie 47055 Im Vogelsang 6
– Gerhard 47057 Kortum- 113
– Gisela 47055 Im Vogelsang 6
– Heike 47137 Borkhofer- 35a
– Heiko 47057 Silcher- 5
– Helene 47269 Angermunder- 90
– Helmut 47057 Graben- 204
– Helmut
47249 Großenbaumer Allee 87
– Ilse 47057 Kolonie- 162
– Ingeborg 47057 Sternbuschweg 139
– Jens 47059 Ruhrorter- 5
– Johannes
47058 Königsberger Allee 68
– Juraphorn 47059 Ruhrorter- 7
– Karin 47057 Kolonie- 162
– Kerstin 47269 Sanddorn- 51
– Kirsten 47053 Lord- 5
– Lothar 47279 Wedauer- 29
– Luise
47249 Großenbaumer Allee 87
– Margot 47058 Königsberger Allee 68
– Maria 47051 Main- 63
– Marianne 47229 Saarner- 2b
– Michael 47198 Hochfeld- 76
– Nicola 47137 Herkenberger- 106
– Otto 47057 Kortum- 113
– Stefanie 47057 Uthmann- 1
– Stefanie 47269 Sanddorn- 51
– Ute 47057 Kolonie- 162
– Vera 47137 Herkenberger- 106
– Willi 47137 Herkenberger- 106
Erker-Brüning Barbara
47249 Großenbaumer Allee 309
Erker-Fenten Elke 47198 Hochfeld- 76
Erkes Christel 47259 Haussatt- 7
– Frank 47239 Bonert- 39
– Heinrich 47259 Haussatt- 7
– Helga 47239 Bonert- 39
– Simone 47239 Bonert- 39
– Theodor 47239 Bonert- 39
– Wolfgang 47239 Bonert- 39
Erkin Firdevs 47226 Richard-Wagner- 5
– Kemal 47226 Richard-Wagner- 5
Erkis Gülsen 47137 Sundgau- 16
– Hüseyin 47137 Sundgau- 16
– Kadin 47137 Sundgau- 16
– Selver 47166 Bremen- 30
– Sevim 47137 Sundgau- 16
– Yilmaz 47166 Bremen- 30
Erkmen Aysel 47178 Am Withrum 3
– Feridun 47053 Antonien- 30
– Georg 47053 Antonien- 30
– Maria 47053 Antonien- 30
– Mukadder 47166 Diesel- 33
– Musa 47166 Diesel- 33
Erkoc Bülent 47269 Walderbenweg 17
– Günes 47259 Rosenberg- 5
– Hüseyin 47259 Rosenberg- 5
– Nazmiye 47259 Rosenberg- 5
– Tülay 47259 Rosenberg- 5
Erköse Birsel 47239 Donkweg 13b
– Hulusi 47239 Donkweg 13b
Erkul Alaz 47228 Otto-Schulenberg- 23
– Attila 47228 Hütten- 15
– Beyhan 47228 Hütten- 15
– Selim 47228 Hütten- 15
– Yavuz 47228 Otto-Schulenberg- 23
Erkul Ahmet 47169 Dahl- 78
– Ayse 47169 Dahl- 78
– Sevgül 47166 Sterkrader- 29b
Erkus Hacer 47169 Weseler- 64
– Isak 47169 Weseler- 64
Erl Andre 47228 Jäger- 38
– Beate 47228 Jäger- 38
– Elke 47239 Bach- 1
– Erwin 47239 Auf der Heide 1
– Horst 47239 Bach- 1
– Katharina 47239 Giesenfeld- 63
– Otto 47239 Giesenfeld- 63
– Sebastian 47239 Bach- 1
– Ursula 47239 Auf der Heide 1
– Wilfried 47239 Giesenfeld- 63
Erlach Wilhelm 47137 Spessart- 8
Erlacher Adolf
47059 Essenberger- 219
– Anna 47057 Sternbuschweg 120
– Anneliese 47053 Valentkamp 7
– Frank 47198 Kronen- 67
– Hagen 47059 Essenberger- 217a
– Helmuth 47198 Steiger- 12
– Ingeborg 47057 Neudorfer- 139
– Johannes 47198 Haniel- 48
– Kirsten 47198 Kronen- 67
– Kirstin 47053 Rudolf-Schönstedt- 40
– Marion 47059 Essenberger- 217a
– Mario 47059 Essenberger- 219
– Ralf 47198 Rosen- 1
– Stefanie 47198 Rosen- 1
– Thomas
47053 Rudolf-Schönstedt- 40
Erlaudske Käthe 47269 Kösliner- 20
– Wilfried 47269 Kösliner- 20
Erlautzki Edelgard 47178 Goten- 32
– Manfred 47178 Goten- 32
– Sarah 47178 Goten- 32
Erlbeck Herta 47058 Schreiber- 35
– Jutta 47053 Walker- 10
– Monika 47229 Lindenallee 31
– Stefanie 47053 Walker- 10
– Winfried 47053 Walker- 10
Erle Anneliese 47269 Donau- 5
– Ewald 47269 Donau- 5
– Friedrich 47137 Malmedyer- 25
– Helmut 47137 Malmedyer- 25
– Helene 47137 Malmedyer- 25
– Irmgard 47137 Sommer- 81
– Sylvia 47137 Honig- 26
– Wilhelmine 47137 Honig- 26
– Wolfgang 47137 Honig- 26
Erlebach Esther
47228 In den Peschen 161a
Erlecke Marianne 47198 Werk- 12a
– Wilhelm 47198 Werk- 12a
Erlemann Andrea 47057 Blumen- 63
– Anika 47269 Klee- 1
– Beatrixe 47269 Klee- 1
– Brigitte 47058 Prinzen- 44
– Daniela 47269 Klee- 1
– Gertraud 47137 Unter den Ulmen 12
– Gisela 47058 Martin- 22
– Helmut 47058 Martin- 22
– Horst 47229 Bonert- 13
– Jörn 47137 Unter den Ulmen 12
– Karin 47055 Düsseldorfer- 580
– Manfred 47269 Klee- 1
– Mathias 47055 Düsseldorfer- 580
– Peter 47057 Blumen- 63
– Stefan 47057 Kammer- 155
Erlemeier Daniela 47053 Trautenau- 14
– Manfred 47198 Dahlmann- 54
Erlenbach Anton 47198 Kirch- 30
– Hildegard 47198 Kirch- 30
Erlenbusch Albina
47239 Kapellener- 23
– Harry 47239 Kapellener- 23
– Herbert 47239 An den Ulmen 20
– Nellii 47239 An den Ulmen 20
Erlenhofer Ingo 47053 Bach- 9a
Erlenhorst Holger
47259 Düsseldorfer Land- 269
Erlenstedt Beate
47259 Rheinheimer Weg 28c
– Elisabeth 47259 Im Bonnefeld 22
– Peter 47259 Beim Gansacker 77
– Ursula 47259 Beim Gansacker 77
Erler Klaus 47229 In den Bänden 66
– Maria 47249 Innsbrucker Allee 42
– Maria 47139 Monschauer- 38
– Martin 47249 Innsbrucker Allee 42
– Martina 47139 Dreispitz 5
– Silvia 47229 In den Bänden 66
– Stefanie 47139 Dreispitz 5
Erler-Baskol Ingeborg
47051 Wapper- 2
Erlhof Annegret
47166 Droste-Hülshoff- 15
– Arndt 47166 Droste-Hülshoff- 15
– Helmut Dr.
47166 Droste-Hülshoff- 15
– Ursula 47249 Allgäuer- 95
Erlhoff Anna 47138 Hof- 7
– Artur 47053 Curiusz- 25
– Daniela 47137 Metzer- 20
– Jürgen 47138 Hof- 7
– Margarete 47057 Uthmann- 1
Firmen, Gewerbebetriebe usw. nach Namen – siehe gelber Teil	A-DU
